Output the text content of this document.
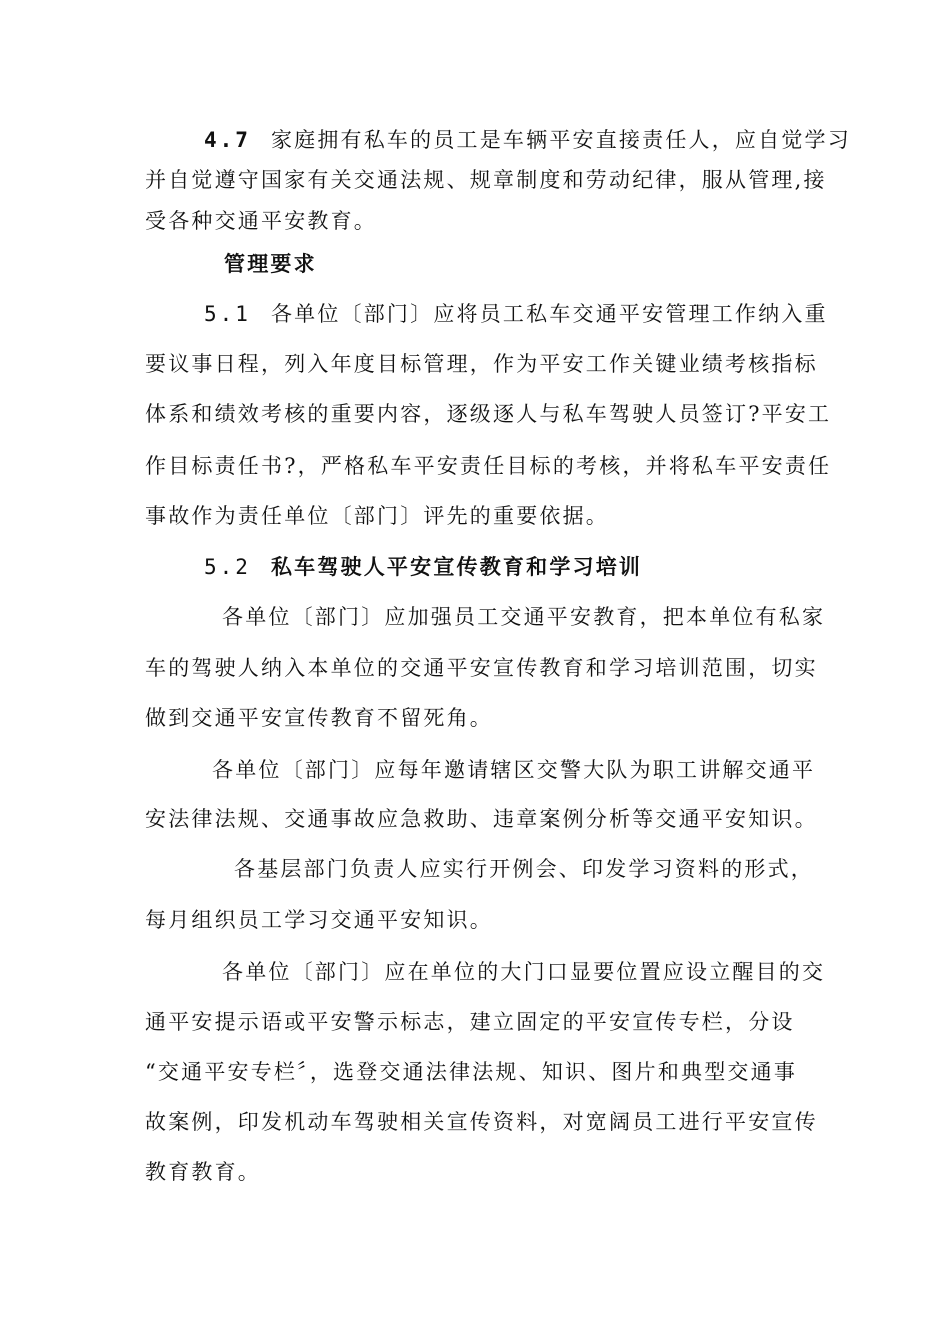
4.7 家庭拥有私车的员工是车辆平安直接责任人，应自觉学习
并自觉遵守国家有关交通法规、规章制度和劳动纪律，服从管理,接
受各种交通平安教育。
管理要求
5.1 各单位〔部门〕应将员工私车交通平安管理工作纳入重
要议事日程，列入年度目标管理，作为平安工作关键业绩考核指标
体系和绩效考核的重要内容，逐级逐人与私车驾驶人员签订?平安工
作目标责任书?，严格私车平安责任目标的考核，并将私车平安责任
事故作为责任单位〔部门〕评先的重要依据。
5.2 私车驾驶人平安宣传教育和学习培训
各单位〔部门〕应加强员工交通平安教育，把本单位有私家
车的驾驶人纳入本单位的交通平安宣传教育和学习培训范围，切实
做到交通平安宣传教育不留死角。
各单位〔部门〕应每年邀请辖区交警大队为职工讲解交通平
安法律法规、交通事故应急救助、违章案例分析等交通平安知识。
各基层部门负责人应实行开例会、印发学习资料的形式，
每月组织员工学习交通平安知识。
各单位〔部门〕应在单位的大门口显要位置应设立醒目的交
通平安提示语或平安警示标志，建立固定的平安宣传专栏，分设
“交通平安专栏〞，选登交通法律法规、知识、图片和典型交通事
故案例，印发机动车驾驶相关宣传资料，对宽阔员工进行平安宣传
教育教育。
